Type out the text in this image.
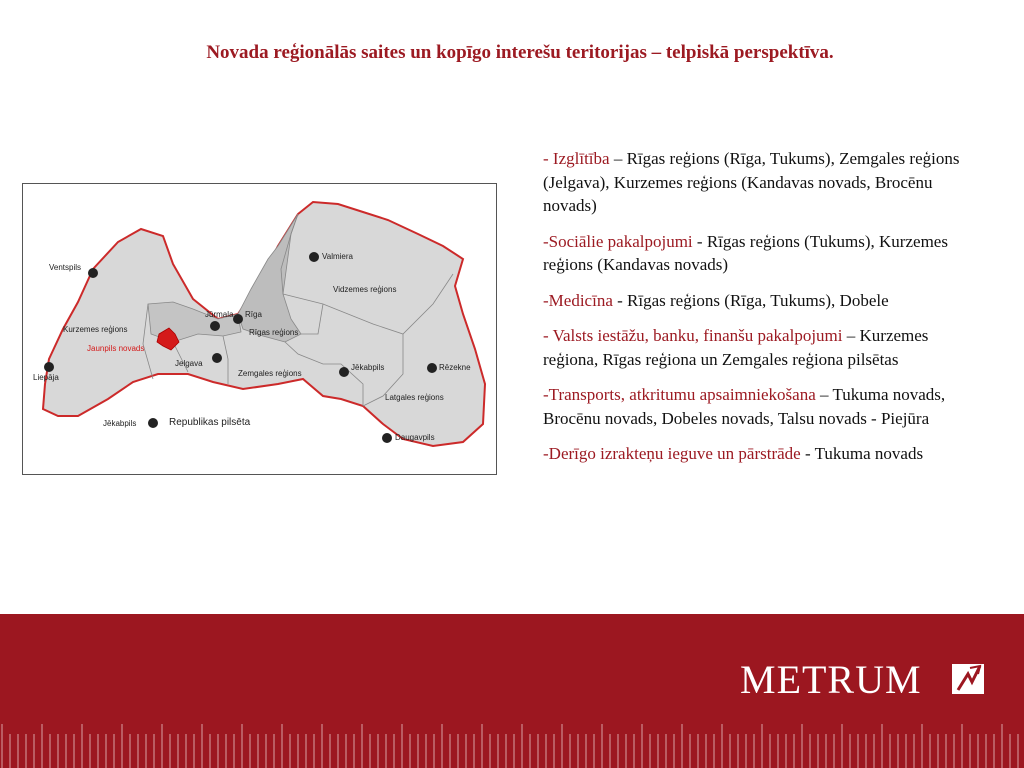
Novada reģionālās saites un kopīgo interešu teritorijas – telpiskā perspektīva.
Ventspils
Jūrmala Rīga
Valmiera
Vidzemes reģions
Kurzemes reģions
Jaunpils novads
Rīgas reģions
Liepāja
Jelgava
Zemgales reģions
Jēkabpils	Rēzekne
Latgales reģions
Daugavpils
Jēkabpils	Republikas pilsēta

- Izglītība – Rīgas reģions (Rīga, Tukums), Zemgales reģions (Jelgava), Kurzemes reģions (Kandavas novads, Brocēnu novads)

-Sociālie pakalpojumi - Rīgas reģions (Tukums), Kurzemes reģions (Kandavas novads)

-Medicīna - Rīgas reģions (Rīga, Tukums), Dobele

- Valsts iestāžu, banku, finanšu pakalpojumi – Kurzemes reģiona, Rīgas reģiona un Zemgales reģiona pilsētas

-Transports, atkritumu apsaimniekošana – Tukuma novads, Brocēnu novads, Dobeles novads, Talsu novads - Piejūra

-Derīgo izrakteņu ieguve un pārstrāde - Tukuma novads

METRUM
